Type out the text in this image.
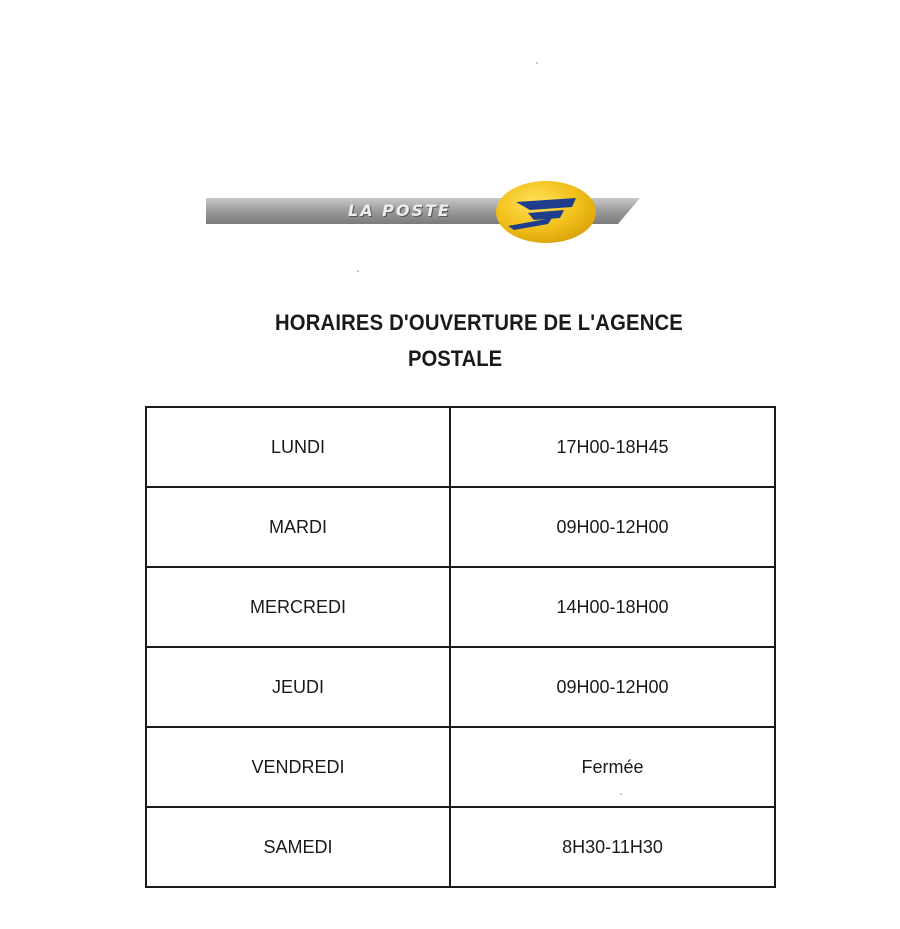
LA POSTE
HORAIRES D'OUVERTURE DE L'AGENCE
POSTALE
LUNDI	17H00-18H45
MARDI	09H00-12H00
MERCREDI	14H00-18H00
JEUDI	09H00-12H00
VENDREDI	Fermée
SAMEDI	8H30-11H30
